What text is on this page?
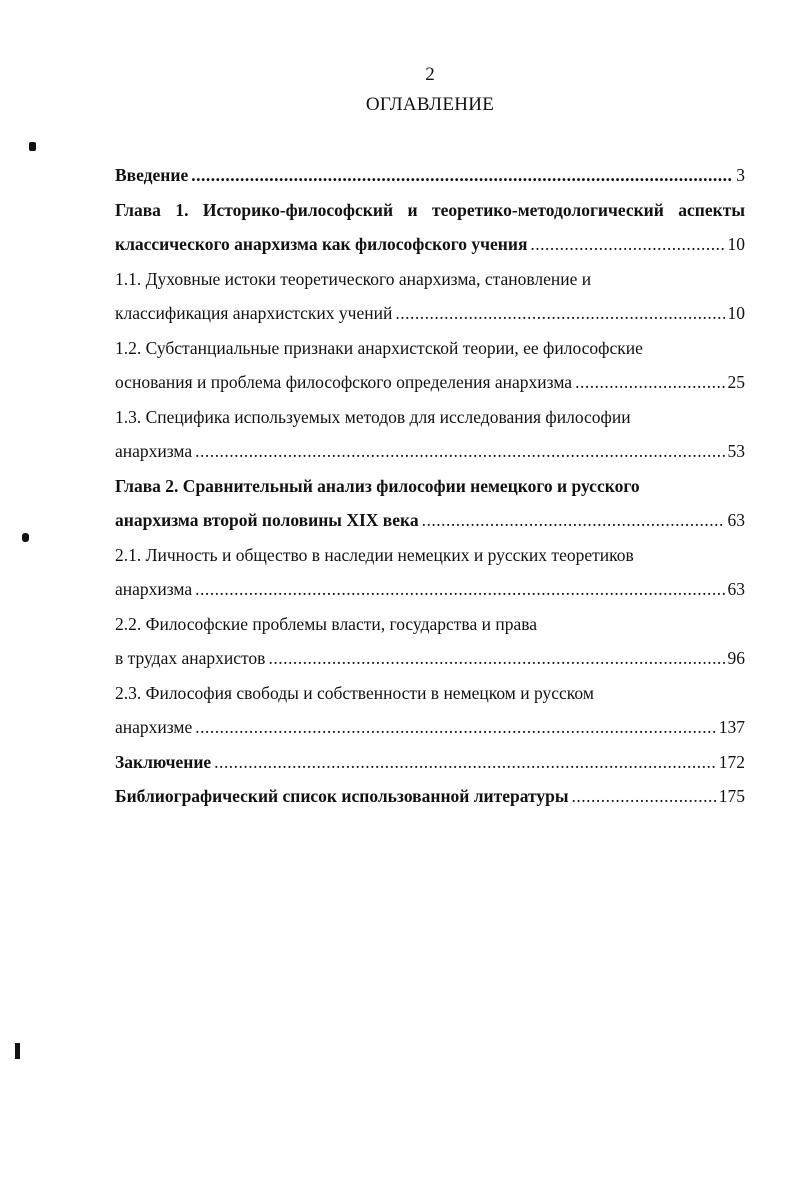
2
ОГЛАВЛЕНИЕ
Введение .....	3
Глава 1. Историко-философский и теоретико-методологический аспекты
классического анархизма как философского учения .....	10
1.1. Духовные истоки теоретического анархизма, становление и
классификация анархистских учений .....	10
1.2. Субстанциальные признаки анархистской теории, ее философские
основания и проблема философского определения анархизма .....	25
1.3. Специфика используемых методов для исследования философии
анархизма .....	53
Глава 2. Сравнительный анализ философии немецкого и русского
анархизма второй половины XIX века .....	63
2.1. Личность и общество в наследии немецких и русских теоретиков
анархизма .....	63
2.2. Философские проблемы власти, государства и права
в трудах анархистов .....	96
2.3. Философия свободы и собственности в немецком и русском
анархизме .....	137
Заключение .....	172
Библиографический список использованной литературы .....	175
